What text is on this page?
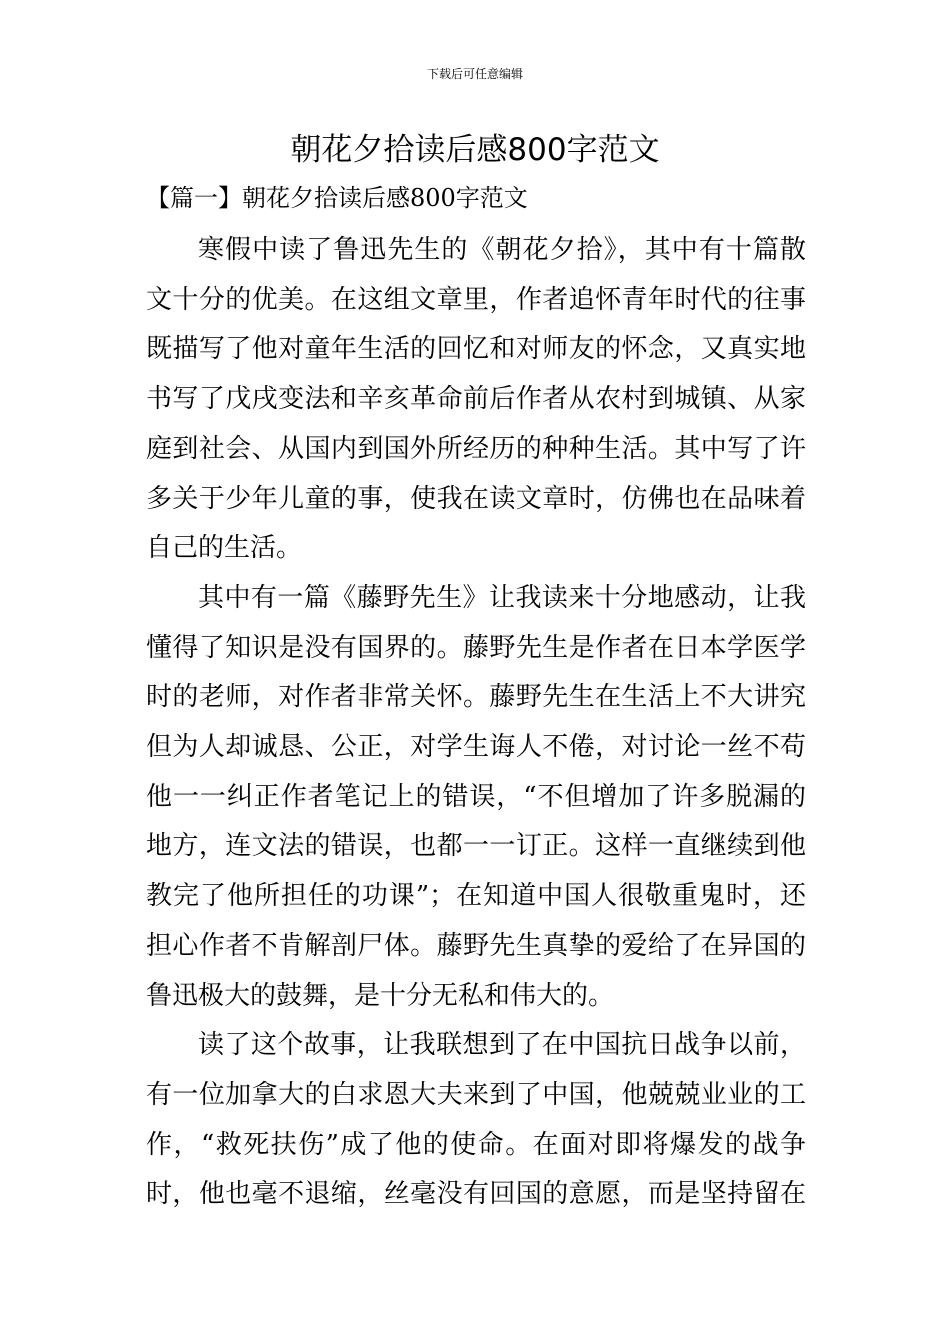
下载后可任意编辑
朝花夕拾读后感800字范文
【篇一】朝花夕拾读后感800字范文

寒假中读了鲁迅先生的《朝花夕拾》，其中有十篇散
文十分的优美。在这组文章里，作者追怀青年时代的往事
既描写了他对童年生活的回忆和对师友的怀念，又真实地
书写了戊戌变法和辛亥革命前后作者从农村到城镇、从家
庭到社会、从国内到国外所经历的种种生活。其中写了许
多关于少年儿童的事，使我在读文章时，仿佛也在品味着
自己的生活。

其中有一篇《藤野先生》让我读来十分地感动，让我
懂得了知识是没有国界的。藤野先生是作者在日本学医学
时的老师，对作者非常关怀。藤野先生在生活上不大讲究
但为人却诚恳、公正，对学生诲人不倦，对讨论一丝不苟
他一一纠正作者笔记上的错误，“不但增加了许多脱漏的
地方，连文法的错误，也都一一订正。这样一直继续到他
教完了他所担任的功课”；在知道中国人很敬重鬼时，还
担心作者不肯解剖尸体。藤野先生真挚的爱给了在异国的
鲁迅极大的鼓舞，是十分无私和伟大的。

读了这个故事，让我联想到了在中国抗日战争以前，
有一位加拿大的白求恩大夫来到了中国，他兢兢业业的工
作，“救死扶伤”成了他的使命。在面对即将爆发的战争
时，他也毫不退缩，丝毫没有回国的意愿，而是坚持留在
